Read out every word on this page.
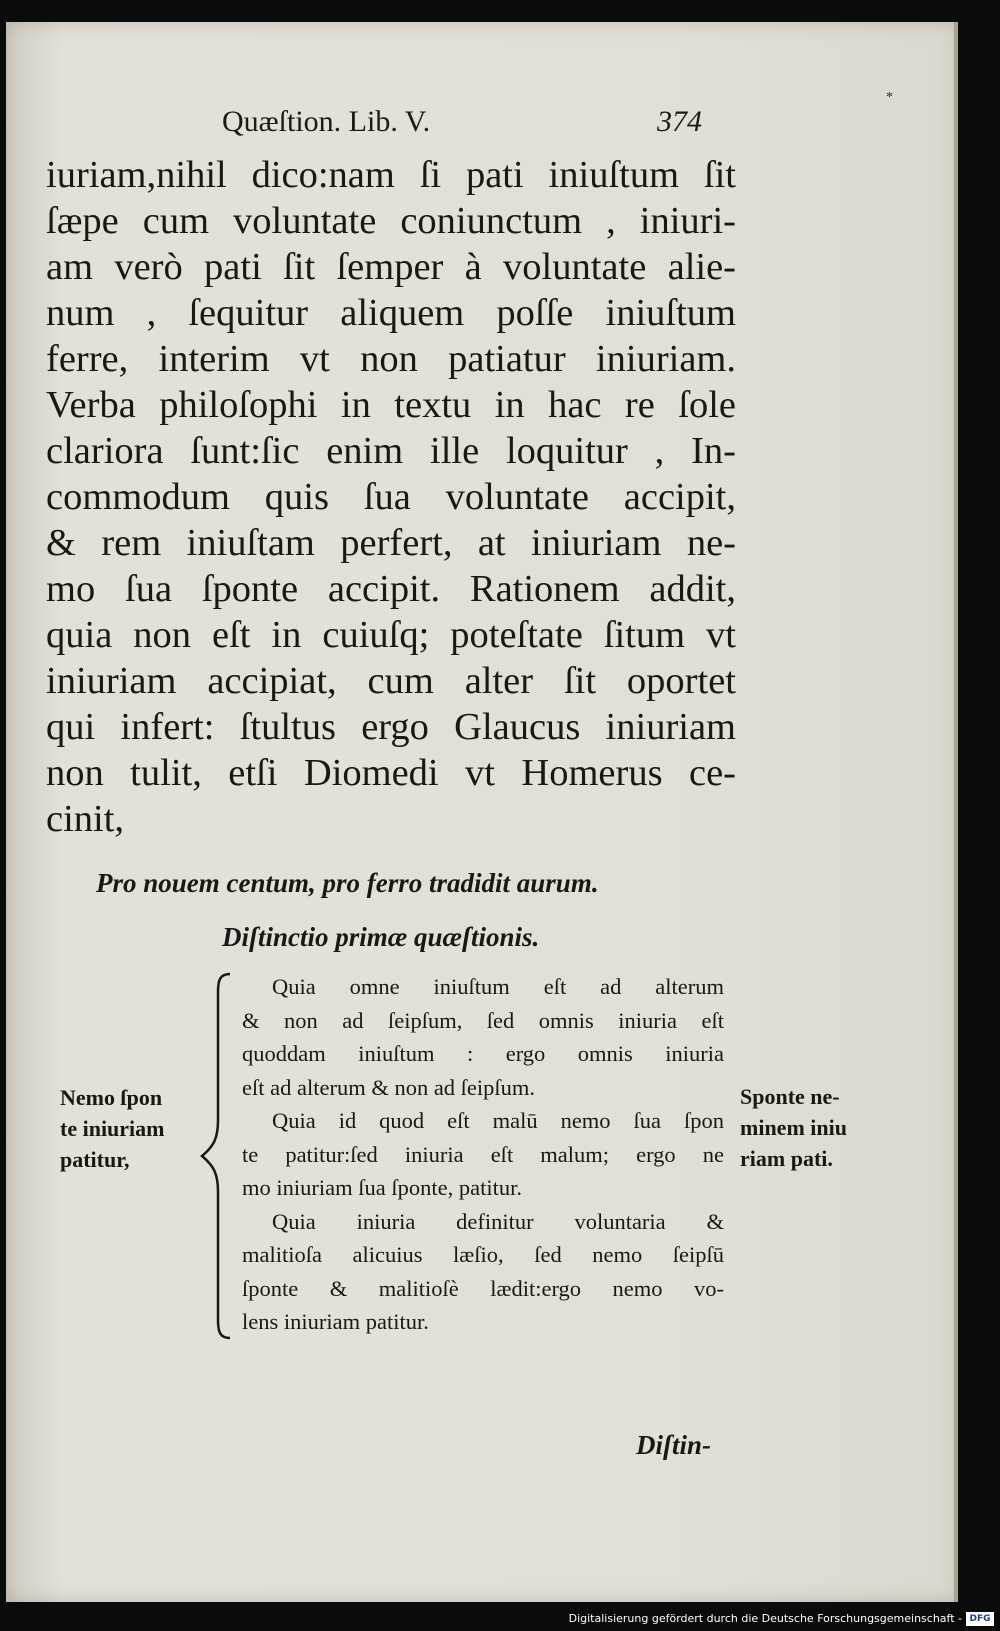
Quæſtion. Lib. V.	374
*
iuriam,nihil dico:nam ſi pati iniuſtum ſit
ſæpe cum voluntate coniunctum , iniuri-
am verò pati ſit ſemper à voluntate alie-
num , ſequitur aliquem poſſe iniuſtum
ferre, interim vt non patiatur iniuriam.
Verba philoſophi in textu in hac re ſole
clariora ſunt:ſic enim ille loquitur , In-
commodum quis ſua voluntate accipit,
& rem iniuſtam perfert, at iniuriam ne-
mo ſua ſponte accipit. Rationem addit,
quia non eſt in cuiuſq; poteſtate ſitum vt
iniuriam accipiat, cum alter ſit oportet
qui infert: ſtultus ergo Glaucus iniuriam
non tulit, etſi Diomedi vt Homerus ce-
cinit,
Pro nouem centum, pro ferro tradidit aurum.
Diſtinctio primæ quæſtionis.
Nemo ſpon
te iniuriam
patitur,
Quia omne iniuſtum eſt ad alterum
& non ad ſeipſum, ſed omnis iniuria eſt
quoddam iniuſtum : ergo omnis iniuria
eſt ad alterum & non ad ſeipſum.
Quia id quod eſt malū nemo ſua ſpon
te patitur:ſed iniuria eſt malum; ergo ne
mo iniuriam ſua ſponte, patitur.
Quia iniuria definitur voluntaria &
malitioſa alicuius læſio, ſed nemo ſeipſū
ſponte & malitioſè lædit:ergo nemo vo-
lens iniuriam patitur.
Sponte ne-
minem iniu
riam pati.
Diſtin-
Digitalisierung gefördert durch die Deutsche Forschungsgemeinschaft - DFG
